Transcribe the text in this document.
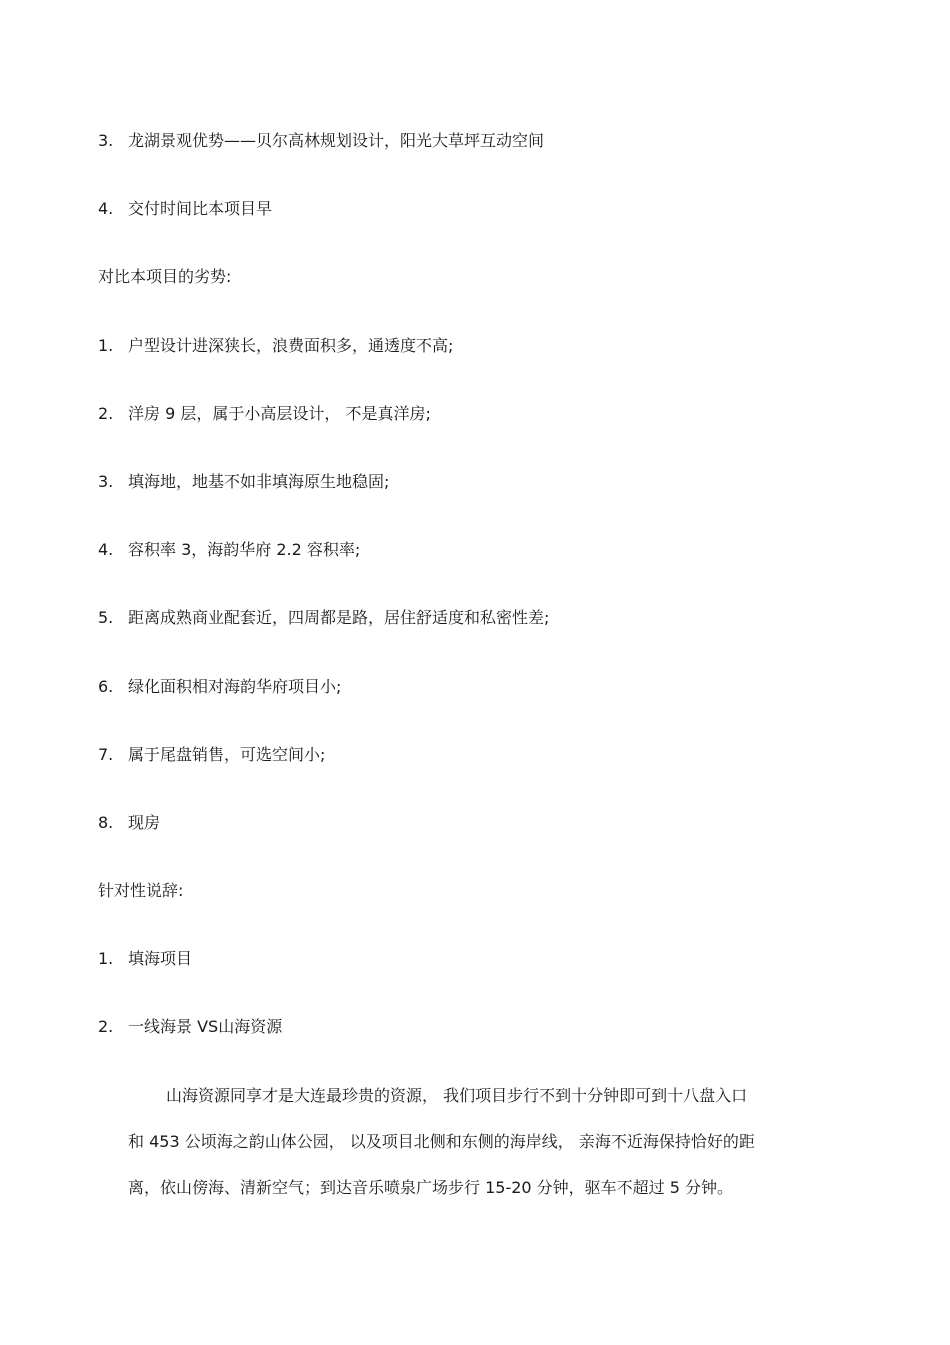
3. 龙湖景观优势——贝尔高林规划设计，阳光大草坪互动空间
4. 交付时间比本项目早
对比本项目的劣势:
1. 户型设计进深狭长，浪费面积多，通透度不高;
2. 洋房 9 层，属于小高层设计， 不是真洋房;
3. 填海地，地基不如非填海原生地稳固;
4. 容积率 3，海韵华府 2.2 容积率;
5. 距离成熟商业配套近，四周都是路，居住舒适度和私密性差;
6. 绿化面积相对海韵华府项目小;
7. 属于尾盘销售，可选空间小;
8. 现房
针对性说辞:
1. 填海项目
2. 一线海景 VS山海资源
山海资源同享才是大连最珍贵的资源， 我们项目步行不到十分钟即可到十八盘入口
和 453 公顷海之韵山体公园， 以及项目北侧和东侧的海岸线， 亲海不近海保持恰好的距
离，依山傍海、清新空气；到达音乐喷泉广场步行 15-20 分钟，驱车不超过 5 分钟。
